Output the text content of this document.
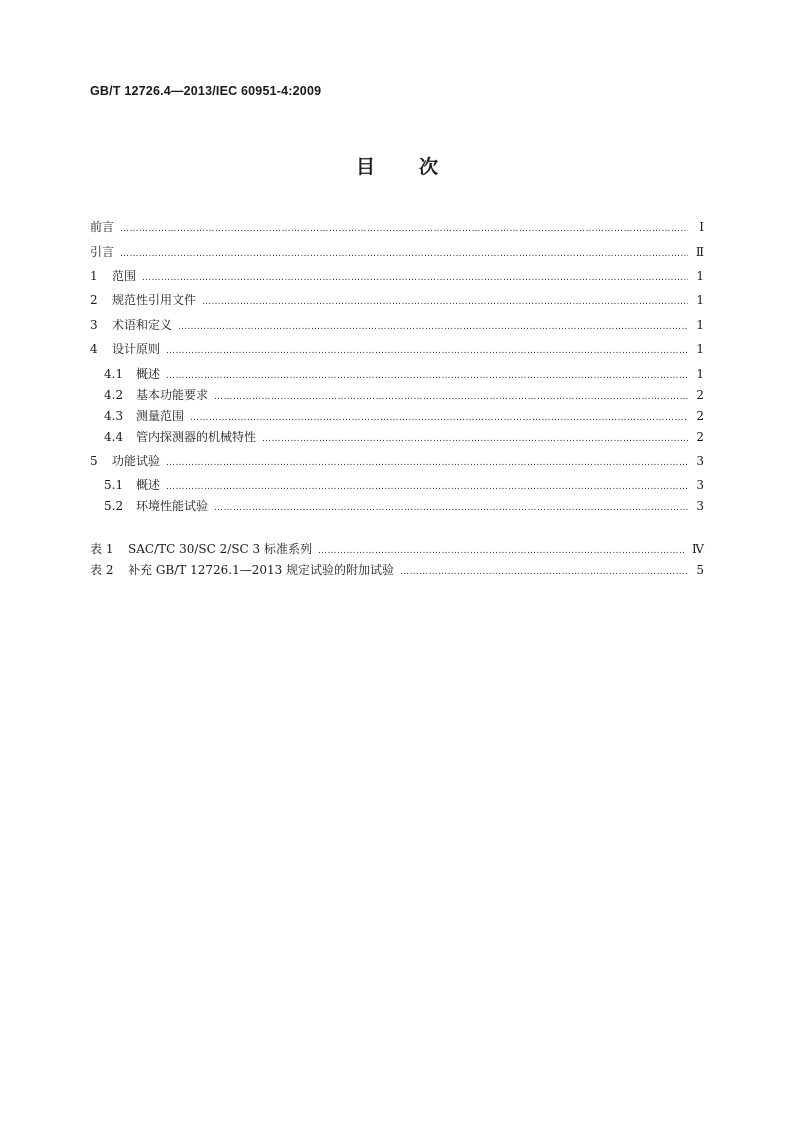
GB/T 12726.4—2013/IEC 60951-4:2009
目 次
前言 ……………………………………………………………………………………………………………………………………………………………………………………………………………………………………………………………………	Ⅰ
引言 ……………………………………………………………………………………………………………………………………………………………………………………………………………………………………………………………………	Ⅱ
1	范围 ……………………………………………………………………………………………………………………………………………………………………………………………………………………………………………………………………	1
2	规范性引用文件 ……………………………………………………………………………………………………………………………………………………………………………………………………………………………………………………………………	1
3	术语和定义 ……………………………………………………………………………………………………………………………………………………………………………………………………………………………………………………………………	1
4	设计原则 ……………………………………………………………………………………………………………………………………………………………………………………………………………………………………………………………………	1
4.1	概述 ……………………………………………………………………………………………………………………………………………………………………………………………………………………………………………………………………	1
4.2	基本功能要求 ……………………………………………………………………………………………………………………………………………………………………………………………………………………………………………………………………	2
4.3	测量范围 ……………………………………………………………………………………………………………………………………………………………………………………………………………………………………………………………………	2
4.4	管内探测器的机械特性 ……………………………………………………………………………………………………………………………………………………………………………………………………………………………………………………………………	2
5	功能试验 ……………………………………………………………………………………………………………………………………………………………………………………………………………………………………………………………………	3
5.1	概述 ……………………………………………………………………………………………………………………………………………………………………………………………………………………………………………………………………	3
5.2	环境性能试验 ……………………………………………………………………………………………………………………………………………………………………………………………………………………………………………………………………	3
表 1	SAC/TC 30/SC 2/SC 3 标准系列 ……………………………………………………………………………………………………………………………………………………………………………………………………………………………………………………………………	Ⅳ
表 2	补充 GB/T 12726.1—2013 规定试验的附加试验 ……………………………………………………………………………………………………………………………………………………………………………………………………………………………………………………………………	5
